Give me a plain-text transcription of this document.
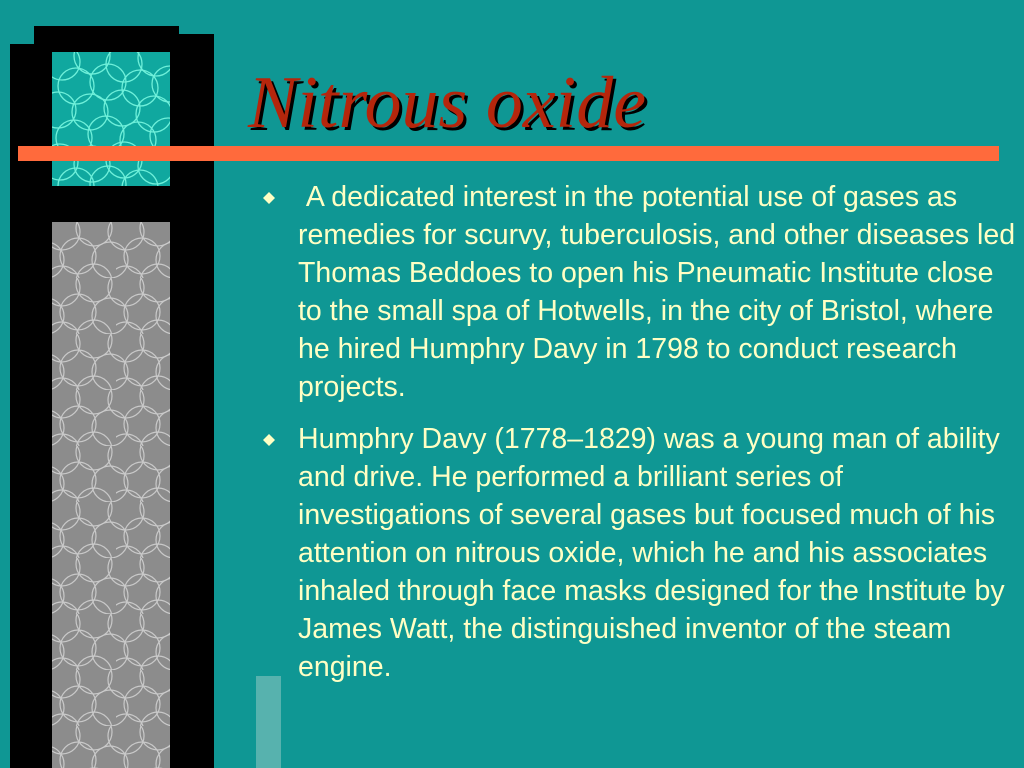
Nitrous oxide
A dedicated interest in the potential use of gases as remedies for scurvy, tuberculosis, and other diseases led Thomas Beddoes to open his Pneumatic Institute close to the small spa of Hotwells, in the city of Bristol, where he hired Humphry Davy in 1798 to conduct research projects.
Humphry Davy (1778–1829) was a young man of ability and drive. He performed a brilliant series of investigations of several gases but focused much of his attention on nitrous oxide, which he and his associates inhaled through face masks designed for the Institute by James Watt, the distinguished inventor of the steam engine.
